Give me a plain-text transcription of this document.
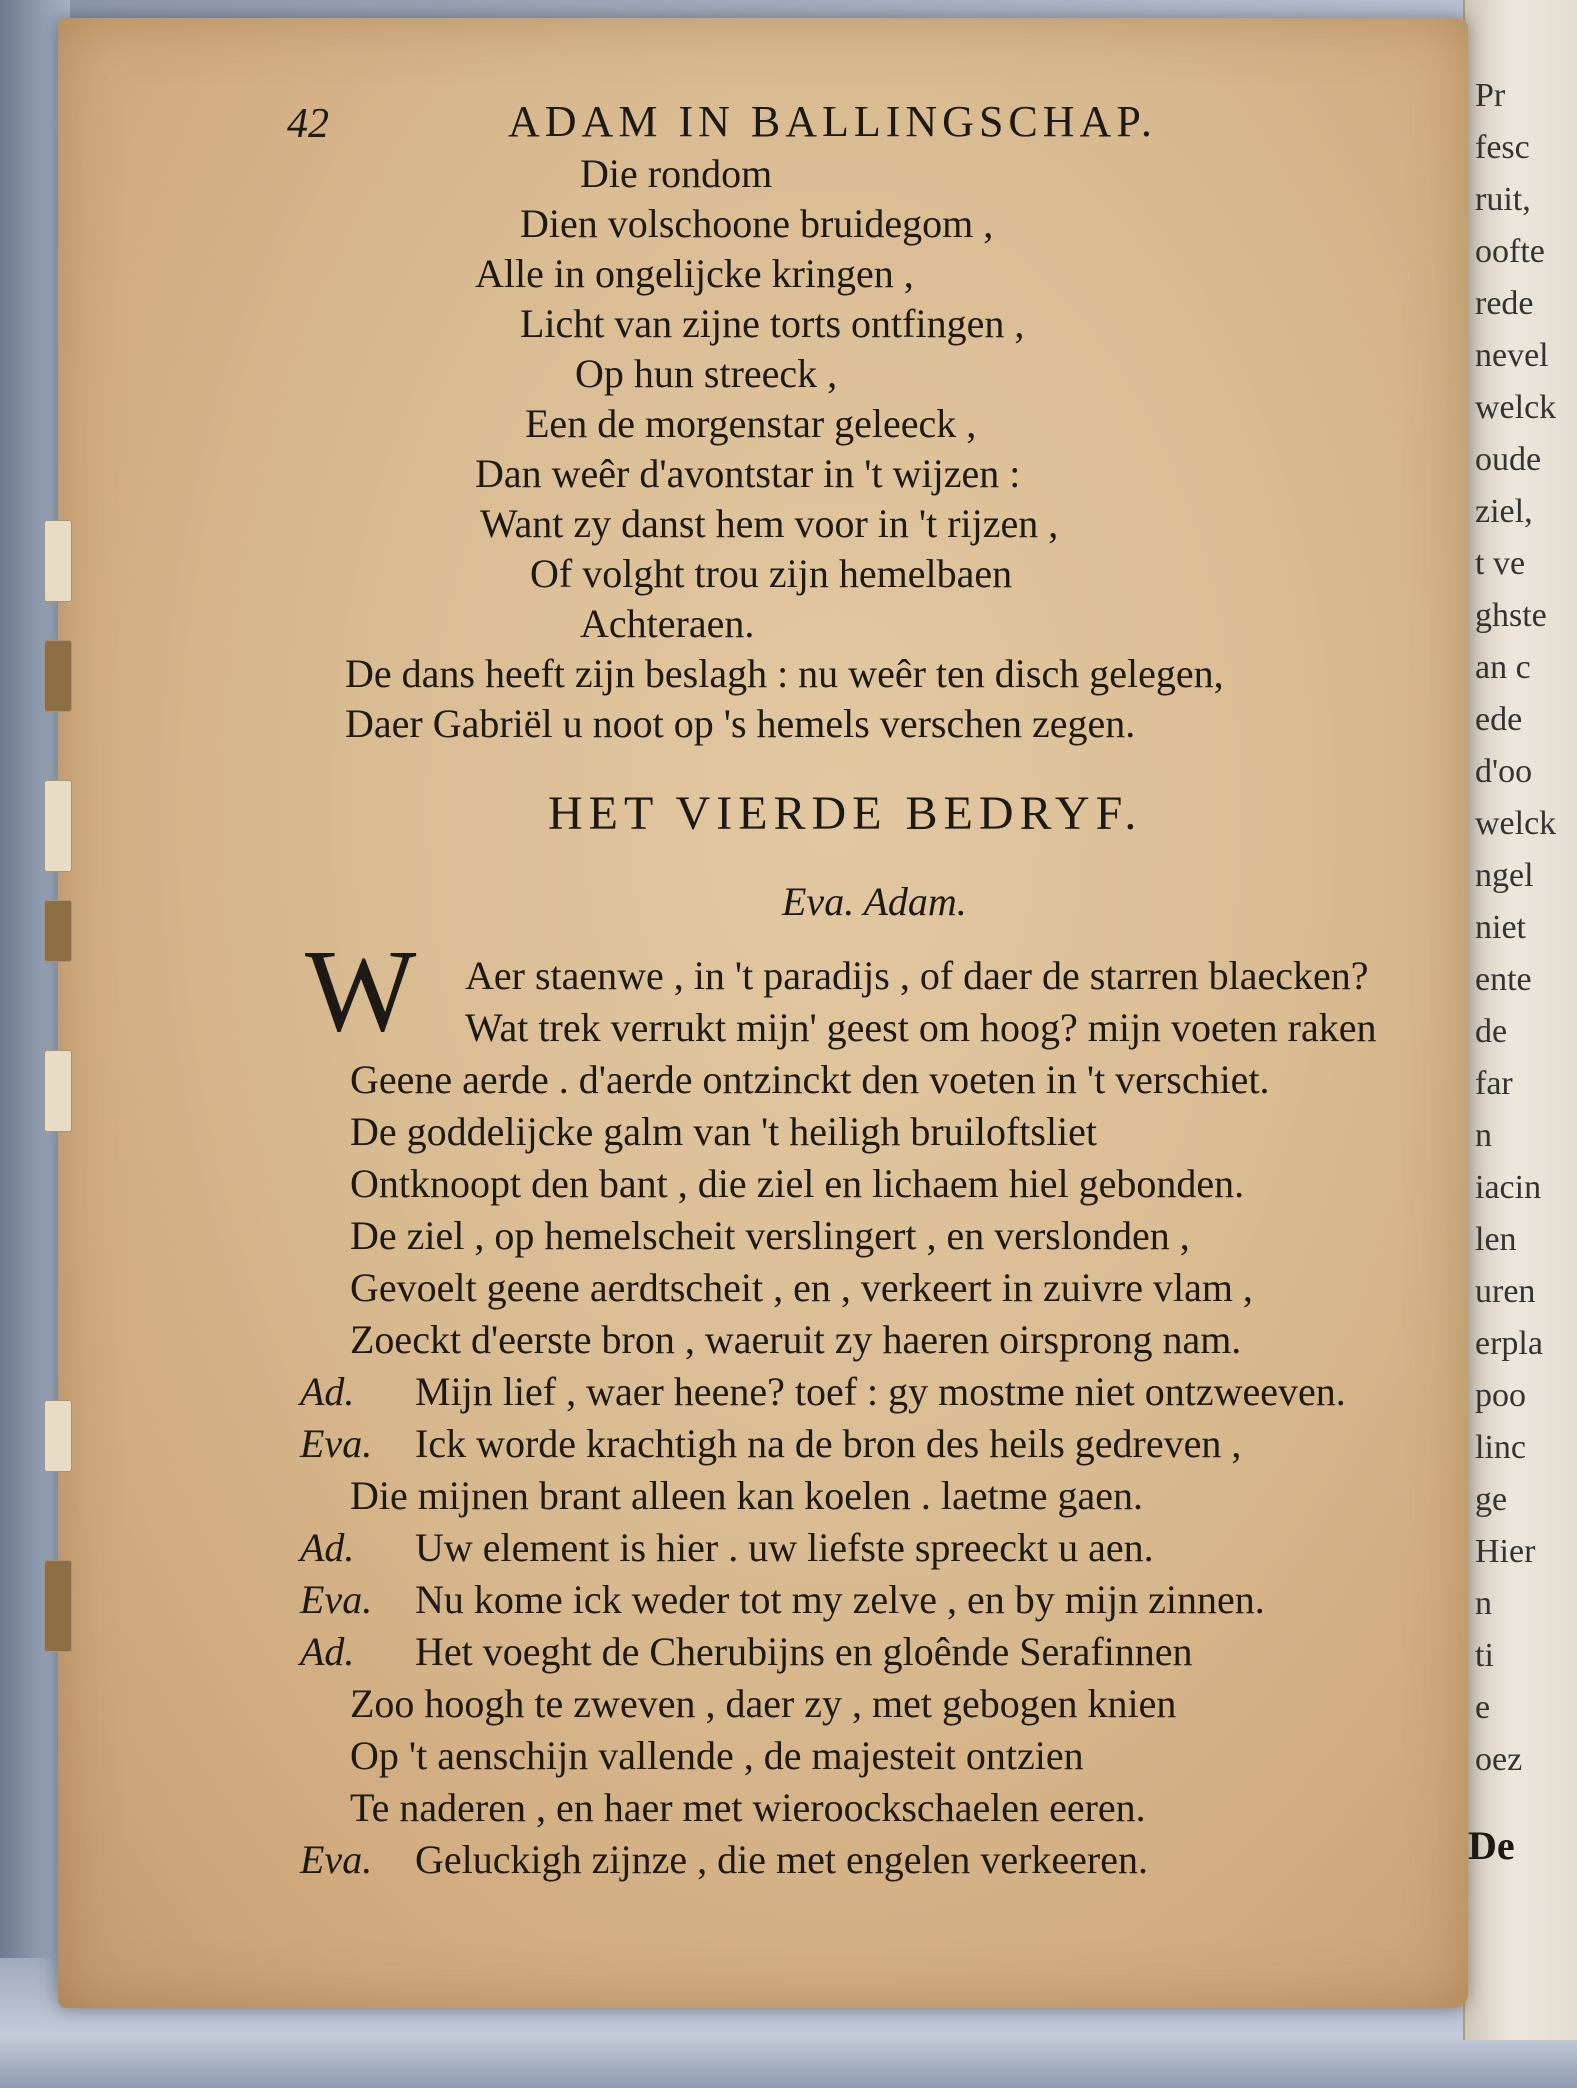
Pr
fesc
ruit,
oofte
rede
nevel
welck
oude
ziel,
t ve
ghste
an c
ede
d'oo
welck
ngel
niet
ente
de
far
n
iacin
len
uren
erpla
poo
linc
ge
Hier
n
ti
e
oez
42	ADAM IN BALLINGSCHAP.
Die rondom
Dien volschoone bruidegom ,
Alle in ongelijcke kringen ,
Licht van zijne torts ontfingen ,
Op hun streeck ,
Een de morgenstar geleeck ,
Dan weêr d'avontstar in 't wijzen :
Want zy danst hem voor in 't rijzen ,
Of volght trou zijn hemelbaen
Achteraen.
De dans heeft zijn beslagh : nu weêr ten disch gelegen,
Daer Gabriël u noot op 's hemels verschen zegen.
HET VIERDE BEDRYF.
Eva. Adam.
W Aer staenwe , in 't paradijs , of daer de starren blaecken?
Wat trek verrukt mijn' geest om hoog? mijn voeten raken
Geene aerde . d'aerde ontzinckt den voeten in 't verschiet.
De goddelijcke galm van 't heiligh bruiloftsliet
Ontknoopt den bant , die ziel en lichaem hiel gebonden.
De ziel , op hemelscheit verslingert , en verslonden ,
Gevoelt geene aerdtscheit , en , verkeert in zuivre vlam ,
Zoeckt d'eerste bron , waeruit zy haeren oirsprong nam.
Ad. Mijn lief , waer heene? toef : gy mostme niet ontzweeven.
Eva. Ick worde krachtigh na de bron des heils gedreven ,
Die mijnen brant alleen kan koelen . laetme gaen.
Ad. Uw element is hier . uw liefste spreeckt u aen.
Eva. Nu kome ick weder tot my zelve , en by mijn zinnen.
Ad. Het voeght de Cherubijns en gloênde Serafinnen
Zoo hoogh te zweven , daer zy , met gebogen knien
Op 't aenschijn vallende , de majesteit ontzien
Te naderen , en haer met wieroockschaelen eeren.
Eva. Geluckigh zijnze , die met engelen verkeeren.	De
